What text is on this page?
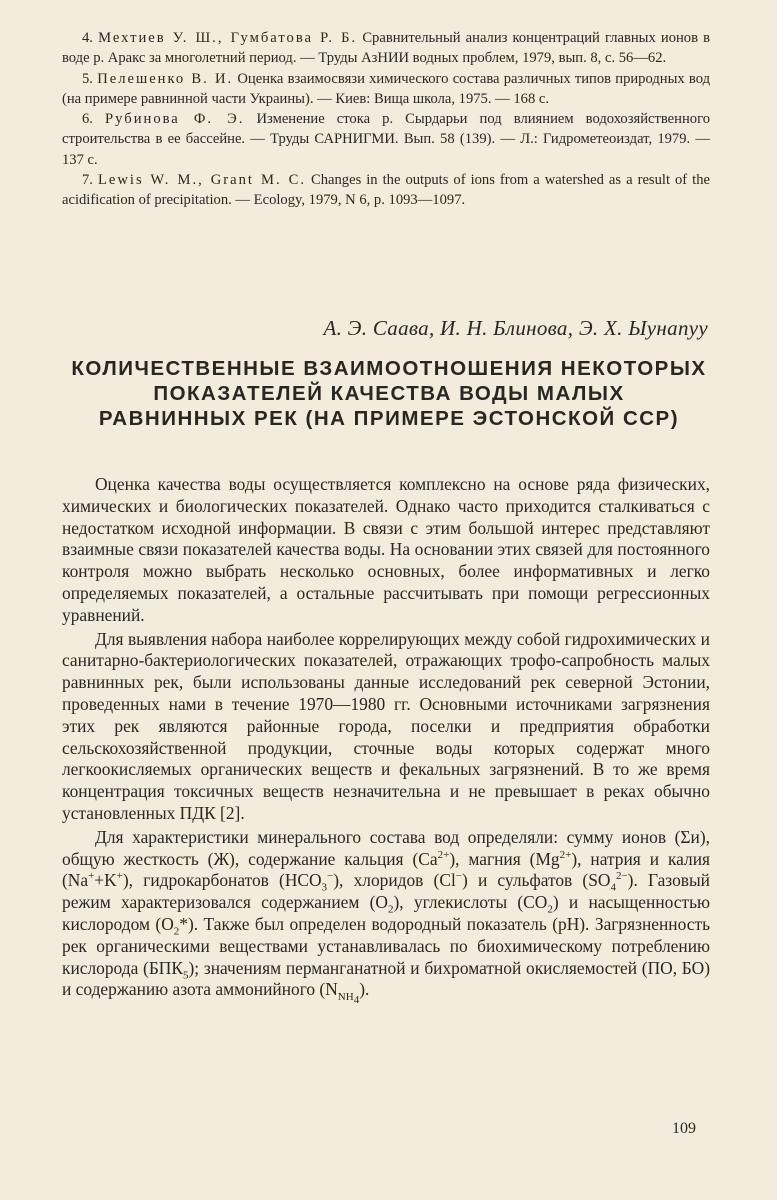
4. Мехтиев У. Ш., Гумбатова Р. Б. Сравнительный анализ концентраций главных ионов в воде р. Аракс за многолетний период. — Труды АзНИИ водных проблем, 1979, вып. 8, с. 56—62.

5. Пелешенко В. И. Оценка взаимосвязи химического состава различных типов природных вод (на примере равнинной части Украины). — Киев: Вища школа, 1975. — 168 с.

6. Рубинова Ф. Э. Изменение стока р. Сырдарьи под влиянием водохозяйственного строительства в ее бассейне. — Труды САРНИГМИ. Вып. 58 (139). — Л.: Гидрометеоиздат, 1979. — 137 с.

7. Lewis W. M., Grant M. C. Changes in the outputs of ions from a watershed as a result of the acidification of precipitation. — Ecology, 1979, N 6, p. 1093—1097.

А. Э. Саава, И. Н. Блинова, Э. Х. Ыунапуу
КОЛИЧЕСТВЕННЫЕ ВЗАИМООТНОШЕНИЯ НЕКОТОРЫХ
ПОКАЗАТЕЛЕЙ КАЧЕСТВА ВОДЫ МАЛЫХ
РАВНИННЫХ РЕК (НА ПРИМЕРЕ ЭСТОНСКОЙ ССР)

Оценка качества воды осуществляется комплексно на основе ряда физических, химических и биологических показателей. Однако часто приходится сталкиваться с недостатком исходной информации. В связи с этим большой интерес представляют взаимные связи показателей качества воды. На основании этих связей для постоянного контроля можно выбрать несколько основных, более информативных и легко определяемых показателей, а остальные рассчитывать при помощи регрессионных уравнений.

Для выявления набора наиболее коррелирующих между собой гидрохимических и санитарно-бактериологических показателей, отражающих трофо-сапробность малых равнинных рек, были использованы данные исследований рек северной Эстонии, проведенных нами в течение 1970—1980 гг. Основными источниками загрязнения этих рек являются районные города, поселки и предприятия обработки сельскохозяйственной продукции, сточные воды которых содержат много легкоокисляемых органических веществ и фекальных загрязнений. В то же время концентрация токсичных веществ незначительна и не превышает в реках обычно установленных ПДК [2].

Для характеристики минерального состава вод определяли: сумму ионов (Σи), общую жесткость (Ж), содержание кальция $(Ca^{2+})$, магния $(Mg^{2+})$, натрия и калия (Na++K+), гидрокарбонатов $(HCO_3^-)$, хлоридов (Cl−) и сульфатов $(SO_4^{2-})$. Газовый режим характеризовался содержанием $(O_2)$, углекислоты $(CO_2)$ и насыщенностью кислородом $(O_2*)$. Также был определен водородный показатель (pH). Загрязненность рек органическими веществами устанавливалась по биохимическому потреблению кислорода $(БПК_5)$; значениям перманганатной и бихроматной окисляемостей (ПО, БО) и содержанию азота аммонийного $(N_{NH_4})$.

109
